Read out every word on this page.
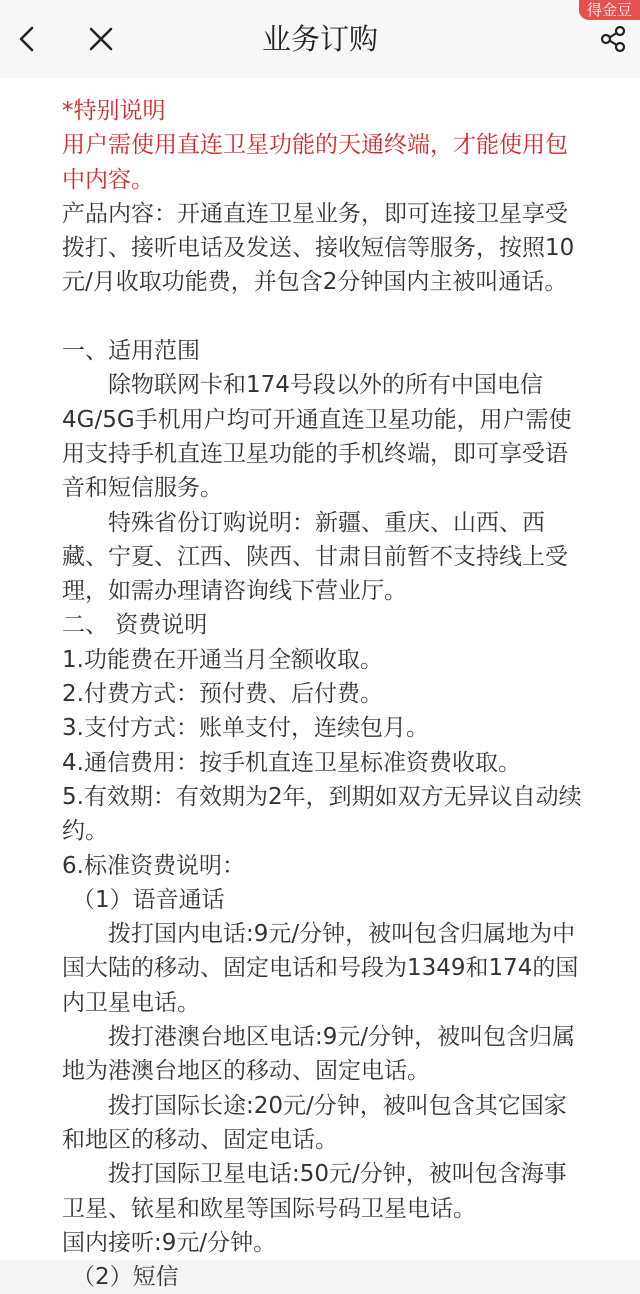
业务订购
得金豆
*特别说明
用户需使用直连卫星功能的天通终端，才能使用包
中内容。
产品内容：开通直连卫星业务，即可连接卫星享受
拨打、接听电话及发送、接收短信等服务，按照10
元/月收取功能费，并包含2分钟国内主被叫通话。
一、适用范围
除物联网卡和174号段以外的所有中国电信
4G/5G手机用户均可开通直连卫星功能，用户需使
用支持手机直连卫星功能的手机终端，即可享受语
音和短信服务。
特殊省份订购说明：新疆、重庆、山西、西
藏、宁夏、江西、陕西、甘肃目前暂不支持线上受
理，如需办理请咨询线下营业厅。
二、 资费说明
1.功能费在开通当月全额收取。
2.付费方式：预付费、后付费。
3.支付方式：账单支付，连续包月。
4.通信费用：按手机直连卫星标准资费收取。
5.有效期：有效期为2年，到期如双方无异议自动续
约。
6.标准资费说明：
（1）语音通话
拨打国内电话:9元/分钟，被叫包含归属地为中
国大陆的移动、固定电话和号段为1349和174的国
内卫星电话。
拨打港澳台地区电话:9元/分钟，被叫包含归属
地为港澳台地区的移动、固定电话。
拨打国际长途:20元/分钟，被叫包含其它国家
和地区的移动、固定电话。
拨打国际卫星电话:50元/分钟，被叫包含海事
卫星、铱星和欧星等国际号码卫星电话。
国内接听:9元/分钟。
（2）短信
